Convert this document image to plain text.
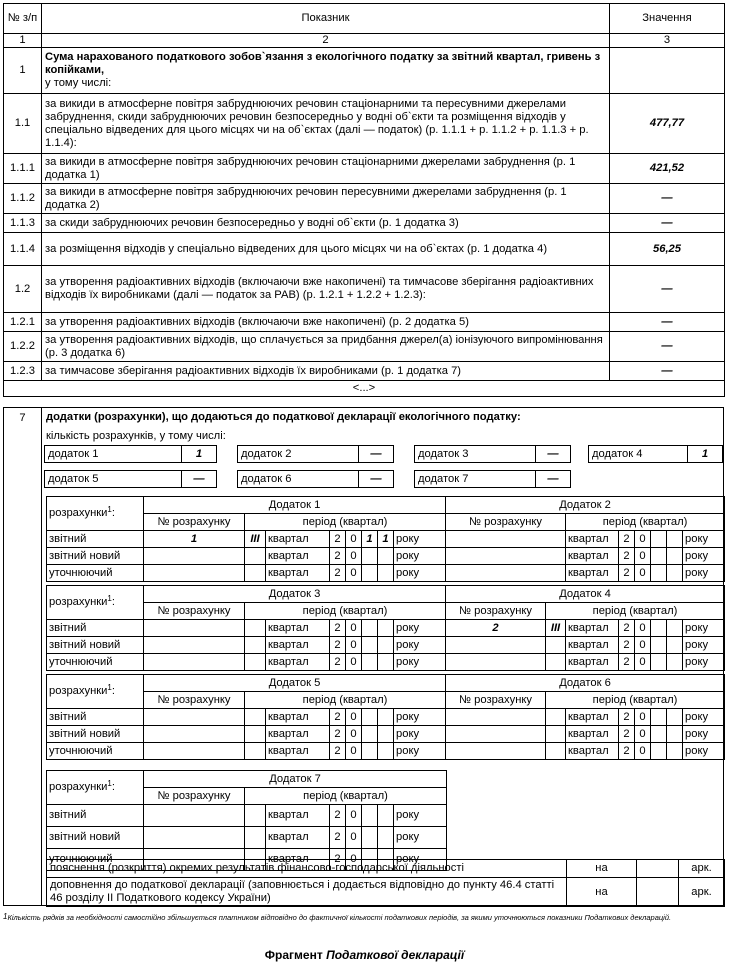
№ з/п	Показник	Значення
1	2	3
1	Сума нарахованого податкового зобов`язання з екологічного податку за звітний квартал, гривень з копійками,
у тому числі:	
1.1	за викиди в атмосферне повітря забруднюючих речовин стаціонарними та пересувними джерелами забруднення, скиди забруднюючих речовин безпосередньо у водні об`єкти та розміщення відходів у спеціально відведених для цього місцях чи на об`єктах (далі — податок) (р. 1.1.1 + р. 1.1.2 + р. 1.1.3 + р. 1.1.4):	477,77
1.1.1	за викиди в атмосферне повітря забруднюючих речовин стаціонарними джерелами забруднення (р. 1 додатка 1)	421,52
1.1.2	за викиди в атмосферне повітря забруднюючих речовин пересувними джерелами забруднення (р. 1 додатка 2)	—
1.1.3	за скиди забруднюючих речовин безпосередньо у водні об`єкти (р. 1 додатка 3)	—
1.1.4	за розміщення відходів у спеціально відведених для цього місцях чи на об`єктах (р. 1 додатка 4)	56,25
1.2	за утворення радіоактивних відходів (включаючи вже накопичені) та тимчасове зберігання радіоактивних відходів їх виробниками (далі — податок за РАВ) (р. 1.2.1 + 1.2.2 + 1.2.3):	—
1.2.1	за утворення радіоактивних відходів (включаючи вже накопичені) (р. 2 додатка 5)	—
1.2.2	за утворення радіоактивних відходів, що сплачується за придбання джерел(а) іонізуючого випромінювання (р. 3 додатка 6)	—
1.2.3	за тимчасове зберігання радіоактивних відходів їх виробниками (р. 1 додатка 7)	—
<...>		
7	додатки (розрахунки), що додаються до податкової декларації екологічного податку:
кількість розрахунків, у тому числі:
додаток 1	1	додаток 2	—	додаток 3	—	додаток 4	1
додаток 5	—	додаток 6	—	додаток 7	—
розрахунки$^1$:	Додаток 1								Додаток 2						
	№ розрахунку	період (квартал)							№ розрахунку	період (квартал)					
звітний	1	III	квартал	2	0	1	1	року		квартал	2	0			року
звітний новий			квартал	2	0			року		квартал	2	0			року
уточнюючий			квартал	2	0			року		квартал	2	0			року
розрахунки$^1$:	Додаток 3								Додаток 4							
	№ розрахунку	період (квартал)							№ розрахунку	період (квартал)						
звітний			квартал	2	0			року	2	III	квартал	2	0			року
звітний новий			квартал	2	0			року			квартал	2	0			року
уточнюючий			квартал	2	0			року			квартал	2	0			року
розрахунки$^1$:	Додаток 5								Додаток 6							
	№ розрахунку	період (квартал)							№ розрахунку	період (квартал)						
звітний			квартал	2	0			року			квартал	2	0			року
звітний новий			квартал	2	0			року			квартал	2	0			року
уточнюючий			квартал	2	0			року			квартал	2	0			року
розрахунки$^1$:	Додаток 7							
	№ розрахунку	період (квартал)						
звітний			квартал	2	0			року
звітний новий			квартал	2	0			року
уточнюючий			квартал	2	0			року
пояснення (розкриття) окремих результатів фінансово-господарської діяльності	на		арк.
доповнення до податкової декларації (заповнюється і додається відповідно до пункту 46.4 статті 46 розділу ІІ Податкового кодексу України)	на		арк.
1Кількість рядків за необхідності самостійно збільшується платником відповідно до фактичної кількості податкових періодів, за якими уточнюються показники Податкових декларацій.
Фрагмент Податкової декларації
